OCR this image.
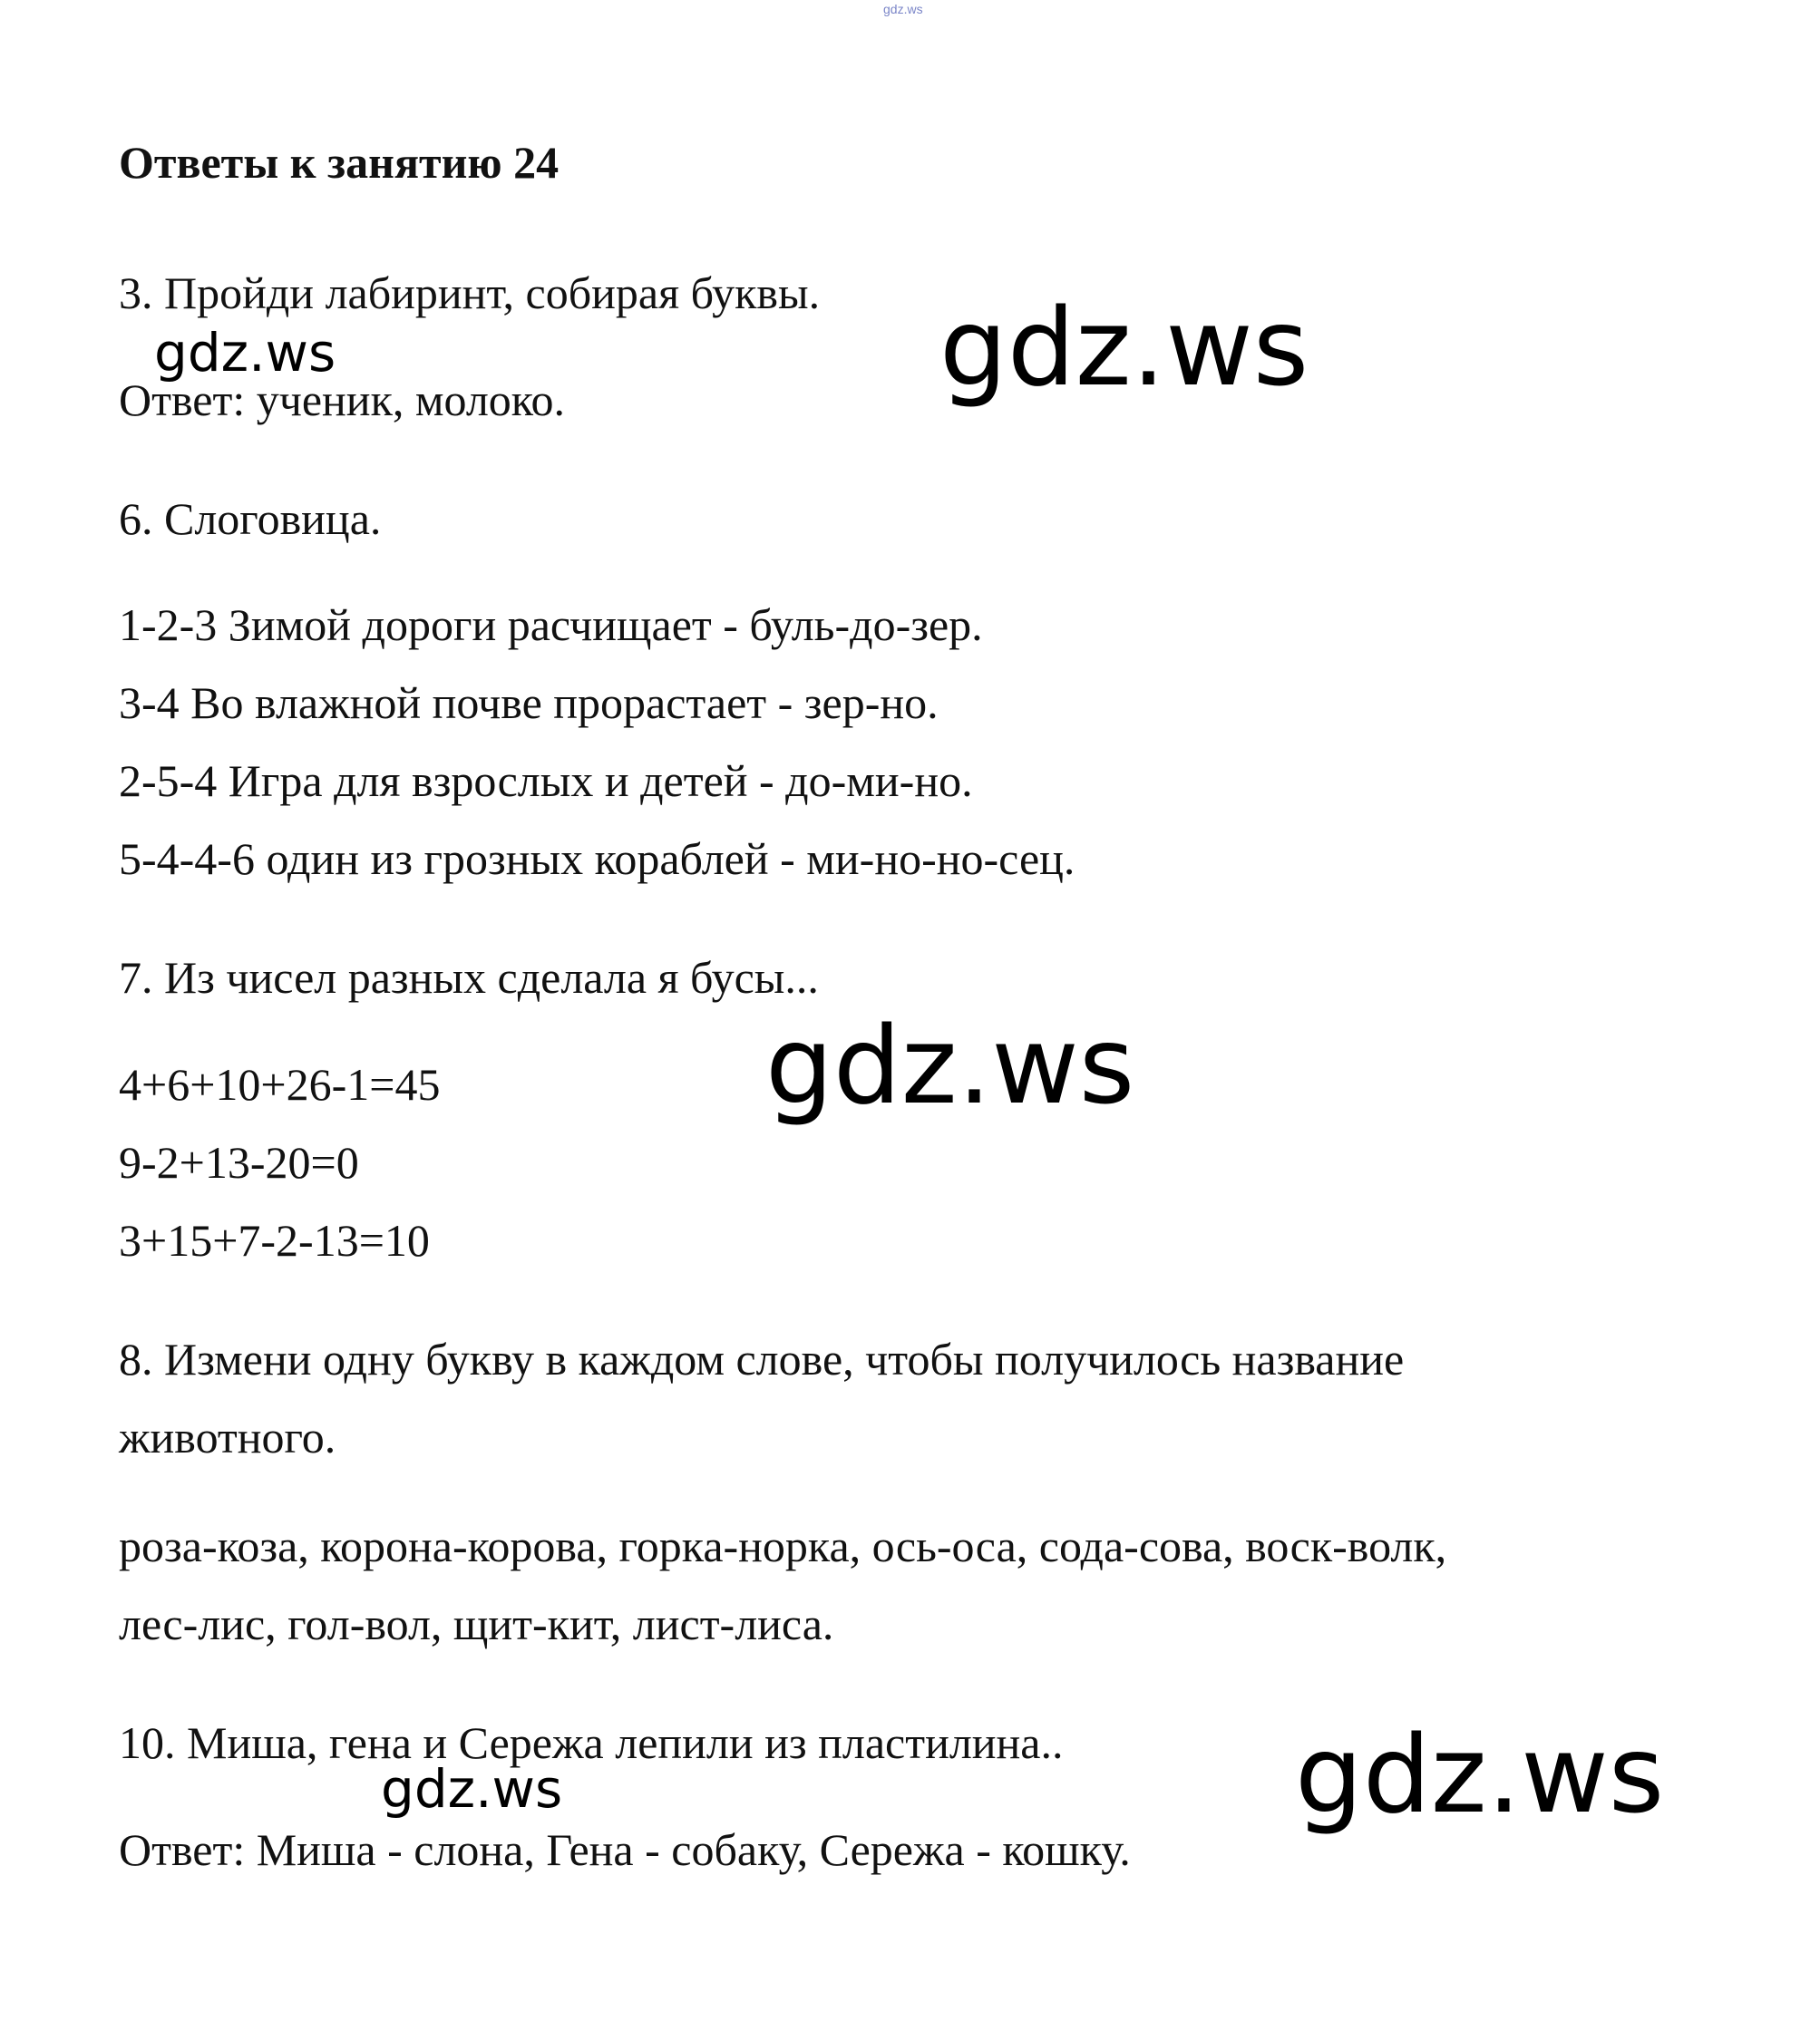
gdz.ws
Ответы к занятию 24
3. Пройди лабиринт, собирая буквы.
Ответ: ученик, молоко.
6. Слоговица.
1-2-3 Зимой дороги расчищает - буль-до-зер.
3-4 Во влажной почве прорастает - зер-но.
2-5-4 Игра для взрослых и детей - до-ми-но.
5-4-4-6 один из грозных кораблей - ми-но-но-сец.
7. Из чисел разных сделала я бусы...
4+6+10+26-1=45
9-2+13-20=0
3+15+7-2-13=10
8. Измени одну букву в каждом слове, чтобы получилось название
животного.
роза-коза, корона-корова, горка-норка, ось-оса, сода-сова, воск-волк,
лес-лис, гол-вол, щит-кит, лист-лиса.
10. Миша, гена и Сережа лепили из пластилина..
Ответ: Миша - слона, Гена - собаку, Сережа - кошку.
gdz.ws	gdz.ws
gdz.ws
gdz.ws	gdz.ws
